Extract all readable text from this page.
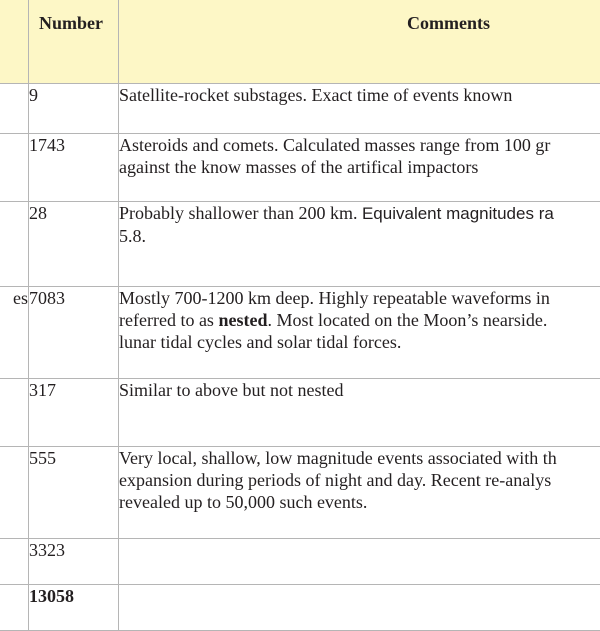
	Number	Comments
	9	Satellite-rocket substages. Exact time of events known

	1743	Asteroids and comets. Calculated masses range from 100 gr
against the know masses of the artifical impactors

	28	Probably shallower than 200 km. Equivalent magnitudes ra
5.8.

es	7083	Mostly 700-1200 km deep. Highly repeatable waveforms in
referred to as nested. Most located on the Moon’s nearside.
lunar tidal cycles and solar tidal forces.

	317	Similar to above but not nested

	555	Very local, shallow, low magnitude events associated with th
expansion during periods of night and day. Recent re-analys
revealed up to 50,000 such events.

	3323	

	13058	
